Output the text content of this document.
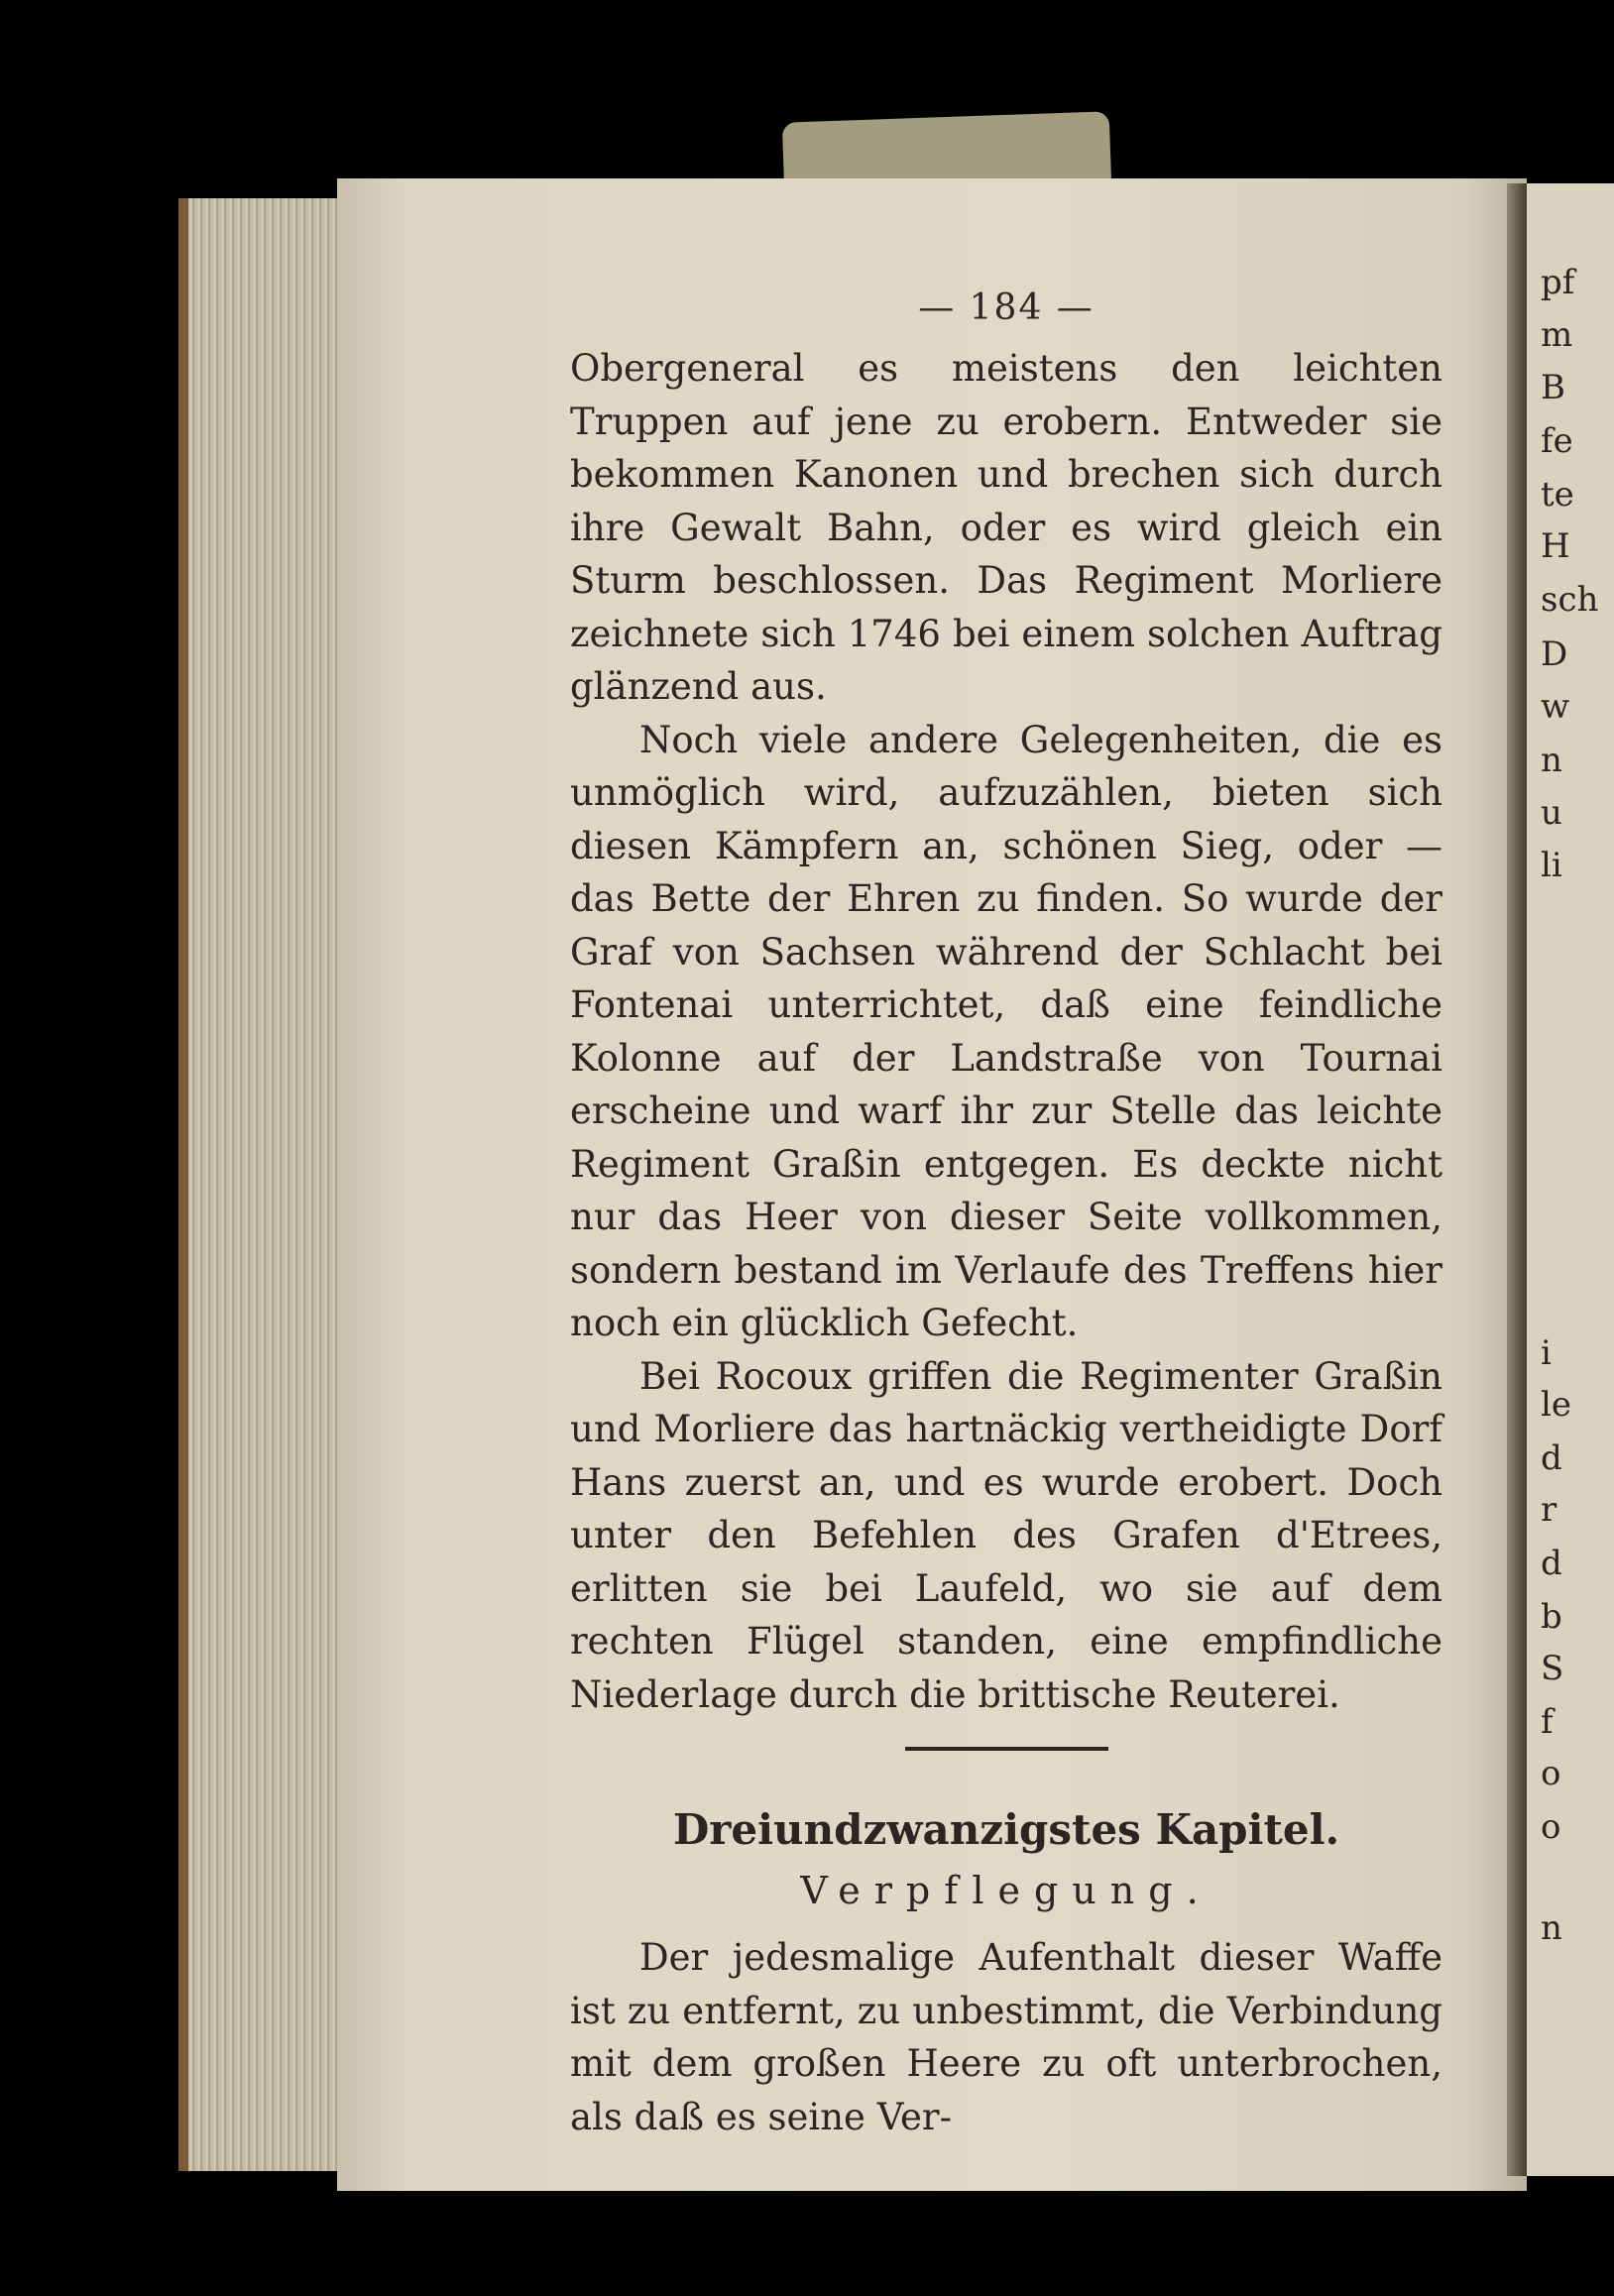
pf
m
B
fe
te
H
sch
D
w
n
u
li
i
le
d
r
d
b
S
f
o
o
n
— 184 —

Obergeneral es meistens den leichten Truppen auf jene zu erobern. Entweder sie bekommen Kanonen und brechen sich durch ihre Gewalt Bahn, oder es wird gleich ein Sturm beschlossen. Das Regiment Morliere zeichnete sich 1746 bei einem solchen Auftrag glänzend aus.

Noch viele andere Gelegenheiten, die es unmöglich wird, aufzuzählen, bieten sich diesen Kämpfern an, schönen Sieg, oder — das Bette der Ehren zu finden. So wurde der Graf von Sachsen während der Schlacht bei Fontenai unterrichtet, daß eine feindliche Kolonne auf der Landstraße von Tournai erscheine und warf ihr zur Stelle das leichte Regiment Graßin entgegen. Es deckte nicht nur das Heer von dieser Seite vollkommen, sondern bestand im Verlaufe des Treffens hier noch ein glücklich Gefecht.

Bei Rocoux griffen die Regimenter Graßin und Morliere das hartnäckig vertheidigte Dorf Hans zuerst an, und es wurde erobert. Doch unter den Befehlen des Grafen d'Etrees, erlitten sie bei Laufeld, wo sie auf dem rechten Flügel standen, eine empfindliche Niederlage durch die brittische Reuterei.

Dreiundzwanzigstes Kapitel.
Verpflegung.

Der jedesmalige Aufenthalt dieser Waffe ist zu entfernt, zu unbestimmt, die Verbindung mit dem großen Heere zu oft unterbrochen, als daß es seine Ver-
